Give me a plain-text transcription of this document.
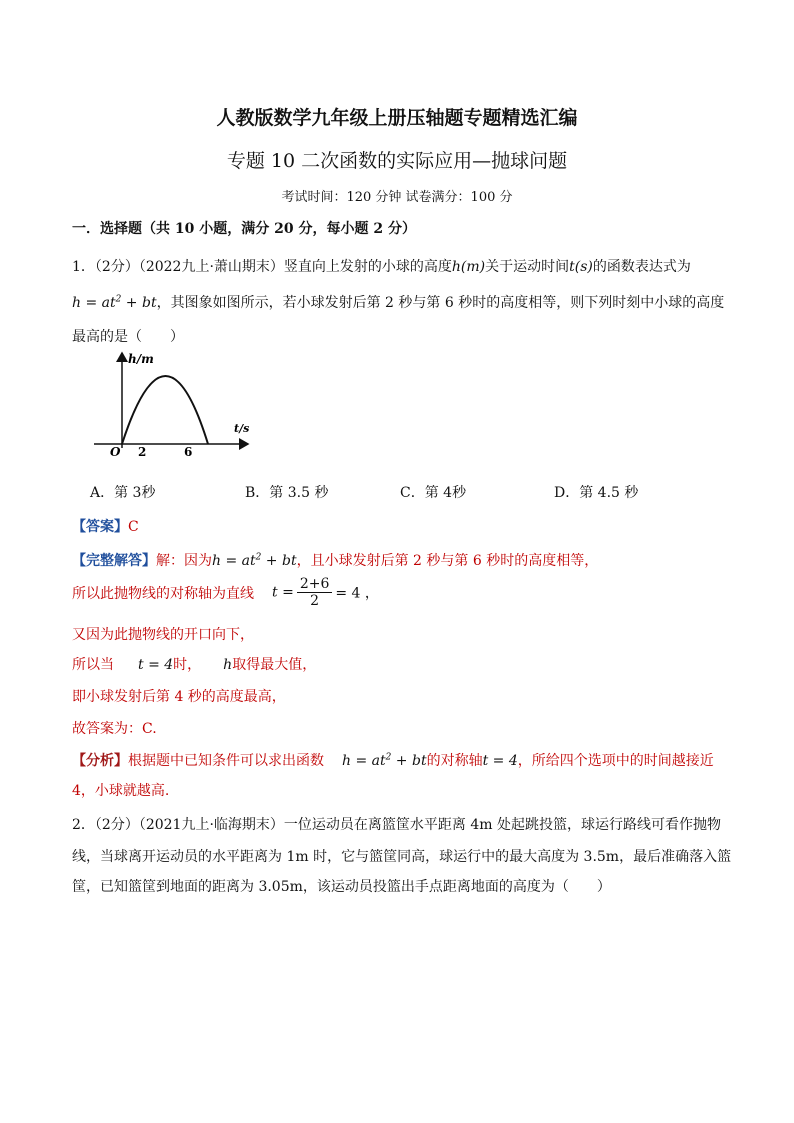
人教版数学九年级上册压轴题专题精选汇编
专题 10 二次函数的实际应用—抛球问题
考试时间：120 分钟 试卷满分：100 分
一．选择题（共 10 小题，满分 20 分，每小题 2 分）
1．（2分）（2022九上·萧山期末）竖直向上发射的小球的高度h(m)关于运动时间t(s)的函数表达式为
$h = at^2$ + bt，其图象如图所示，若小球发射后第 2 秒与第 6 秒时的高度相等，则下列时刻中小球的高度
最高的是（　　）
h/m
t/s
O 2	6
A．第 3秒	B．第 3.5 秒	C．第 4秒	D．第 4.5 秒
【答案】C
【完整解答】解：因为$h = at^2$ + bt，且小球发射后第 2 秒与第 6 秒时的高度相等，
所以此抛物线的对称轴为直线 $t = \frac{2+6}{2} = 4$ ，
又因为此抛物线的开口向下，
所以当 t = 4时， h取得最大值，
即小球发射后第 4 秒的高度最高，
故答案为：C.
【分析】根据题中已知条件可以求出函数 $h = at^2$ + bt的对称轴t = 4，所给四个选项中的时间越接近
4，小球就越高.
2．（2分）（2021九上·临海期末）一位运动员在离篮筐水平距离 4m 处起跳投篮，球运行路线可看作抛物
线，当球离开运动员的水平距离为 1m 时，它与篮筐同高，球运行中的最大高度为 3.5m，最后准确落入篮
筐，已知篮筐到地面的距离为 3.05m，该运动员投篮出手点距离地面的高度为（　　）
